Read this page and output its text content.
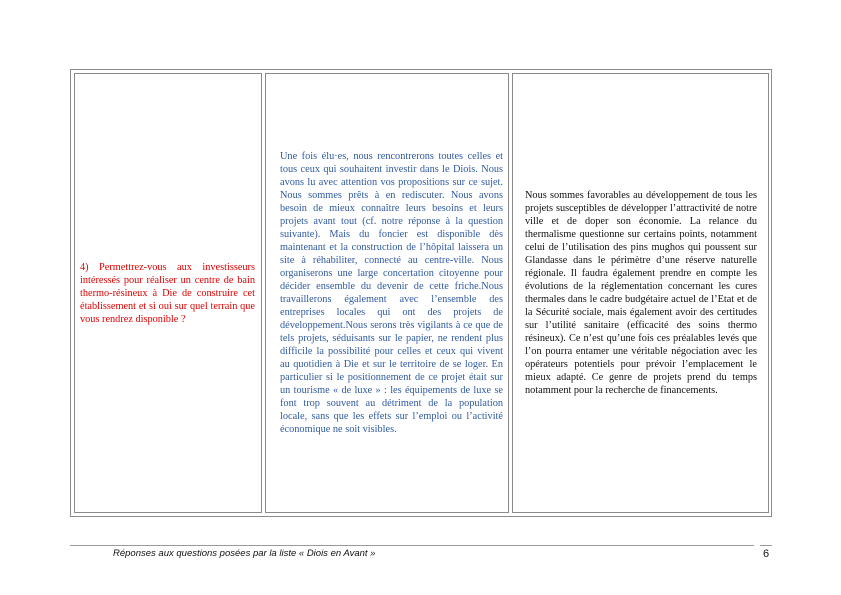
4) Permettrez-vous aux investisseurs intéressés pour réaliser un centre de bain thermo-résineux à Die de construire cet établissement et si oui sur quel terrain que vous rendrez disponible ?

Une fois élu·es, nous rencontrerons toutes celles et tous ceux qui souhaitent investir dans le Diois. Nous avons lu avec attention vos propositions sur ce sujet. Nous sommes prêts à en rediscuter. Nous avons besoin de mieux connaître leurs besoins et leurs projets avant tout (cf. notre réponse à la question suivante). Mais du foncier est disponible dès maintenant et la construction de l’hôpital laissera un site à réhabiliter, connecté au centre-ville. Nous organiserons une large concertation citoyenne pour décider ensemble du devenir de cette friche.Nous travaillerons également avec l’ensemble des entreprises locales qui ont des projets de développement.Nous serons très vigilants à ce que de tels projets, séduisants sur le papier, ne rendent plus difficile la possibilité pour celles et ceux qui vivent au quotidien à Die et sur le territoire de se loger. En particulier si le positionnement de ce projet était sur un tourisme « de luxe » : les équipements de luxe se font trop souvent au détriment de la population locale, sans que les effets sur l’emploi ou l’activité économique ne soit visibles.

Nous sommes favorables au développement de tous les projets susceptibles de développer l’attractivité de notre ville et de doper son économie. La relance du thermalisme questionne sur certains points, notamment celui de l’utilisation des pins mughos qui poussent sur Glandasse dans le périmètre d’une réserve naturelle régionale. Il faudra également prendre en compte les évolutions de la réglementation concernant les cures thermales dans le cadre budgétaire actuel de l’Etat et de la Sécurité sociale, mais également avoir des certitudes sur l’utilité sanitaire (efficacité des soins thermo résineux). Ce n’est qu’une fois ces préalables levés que l’on pourra entamer une véritable négociation avec les opérateurs potentiels pour prévoir l’emplacement le mieux adapté. Ce genre de projets prend du temps notamment pour la recherche de financements.

Réponses aux questions posées par la liste « Diois en Avant »	6
